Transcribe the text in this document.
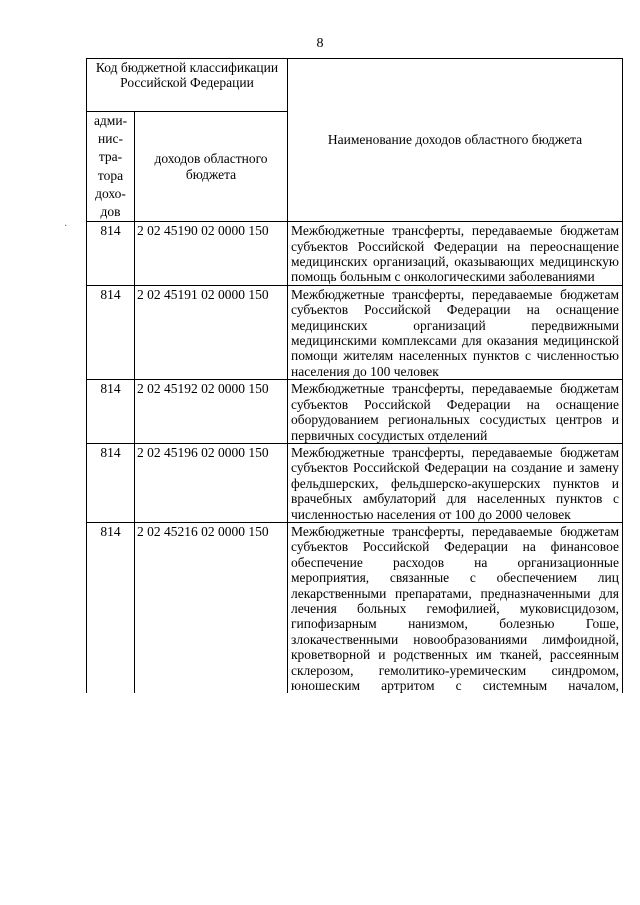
8
·
Код бюджетной классификации Российской Федерации		Наименование доходов областного бюджета
адми-нис-тра-тора дохо-дов	доходов областного бюджета	
814	2 02 45190 02 0000 150	Межбюджетные трансферты, передаваемые бюджетам субъектов Российской Федерации на переоснащение медицинских организаций, оказывающих медицинскую помощь больным с онкологическими заболеваниями
814	2 02 45191 02 0000 150	Межбюджетные трансферты, передаваемые бюджетам субъектов Российской Федерации на оснащение медицинских организаций передвижными медицинскими комплексами для оказания медицинской помощи жителям населенных пунктов с численностью населения до 100 человек
814	2 02 45192 02 0000 150	Межбюджетные трансферты, передаваемые бюджетам субъектов Российской Федерации на оснащение оборудованием региональных сосудистых центров и первичных сосудистых отделений
814	2 02 45196 02 0000 150	Межбюджетные трансферты, передаваемые бюджетам субъектов Российской Федерации на создание и замену фельдшерских, фельдшерско-акушерских пунктов и врачебных амбулаторий для населенных пунктов с численностью населения от 100 до 2000 человек
814	2 02 45216 02 0000 150	Межбюджетные трансферты, передаваемые бюджетам субъектов Российской Федерации на финансовое обеспечение расходов на организационные мероприятия, связанные с обеспечением лиц лекарственными препаратами, предназначенными для лечения больных гемофилией, муковисцидозом, гипофизарным нанизмом, болезнью Гоше, злокачественными новообразованиями лимфоидной, кроветворной и родственных им тканей, рассеянным склерозом, гемолитико-уремическим синдромом, юношеским артритом с системным началом,
